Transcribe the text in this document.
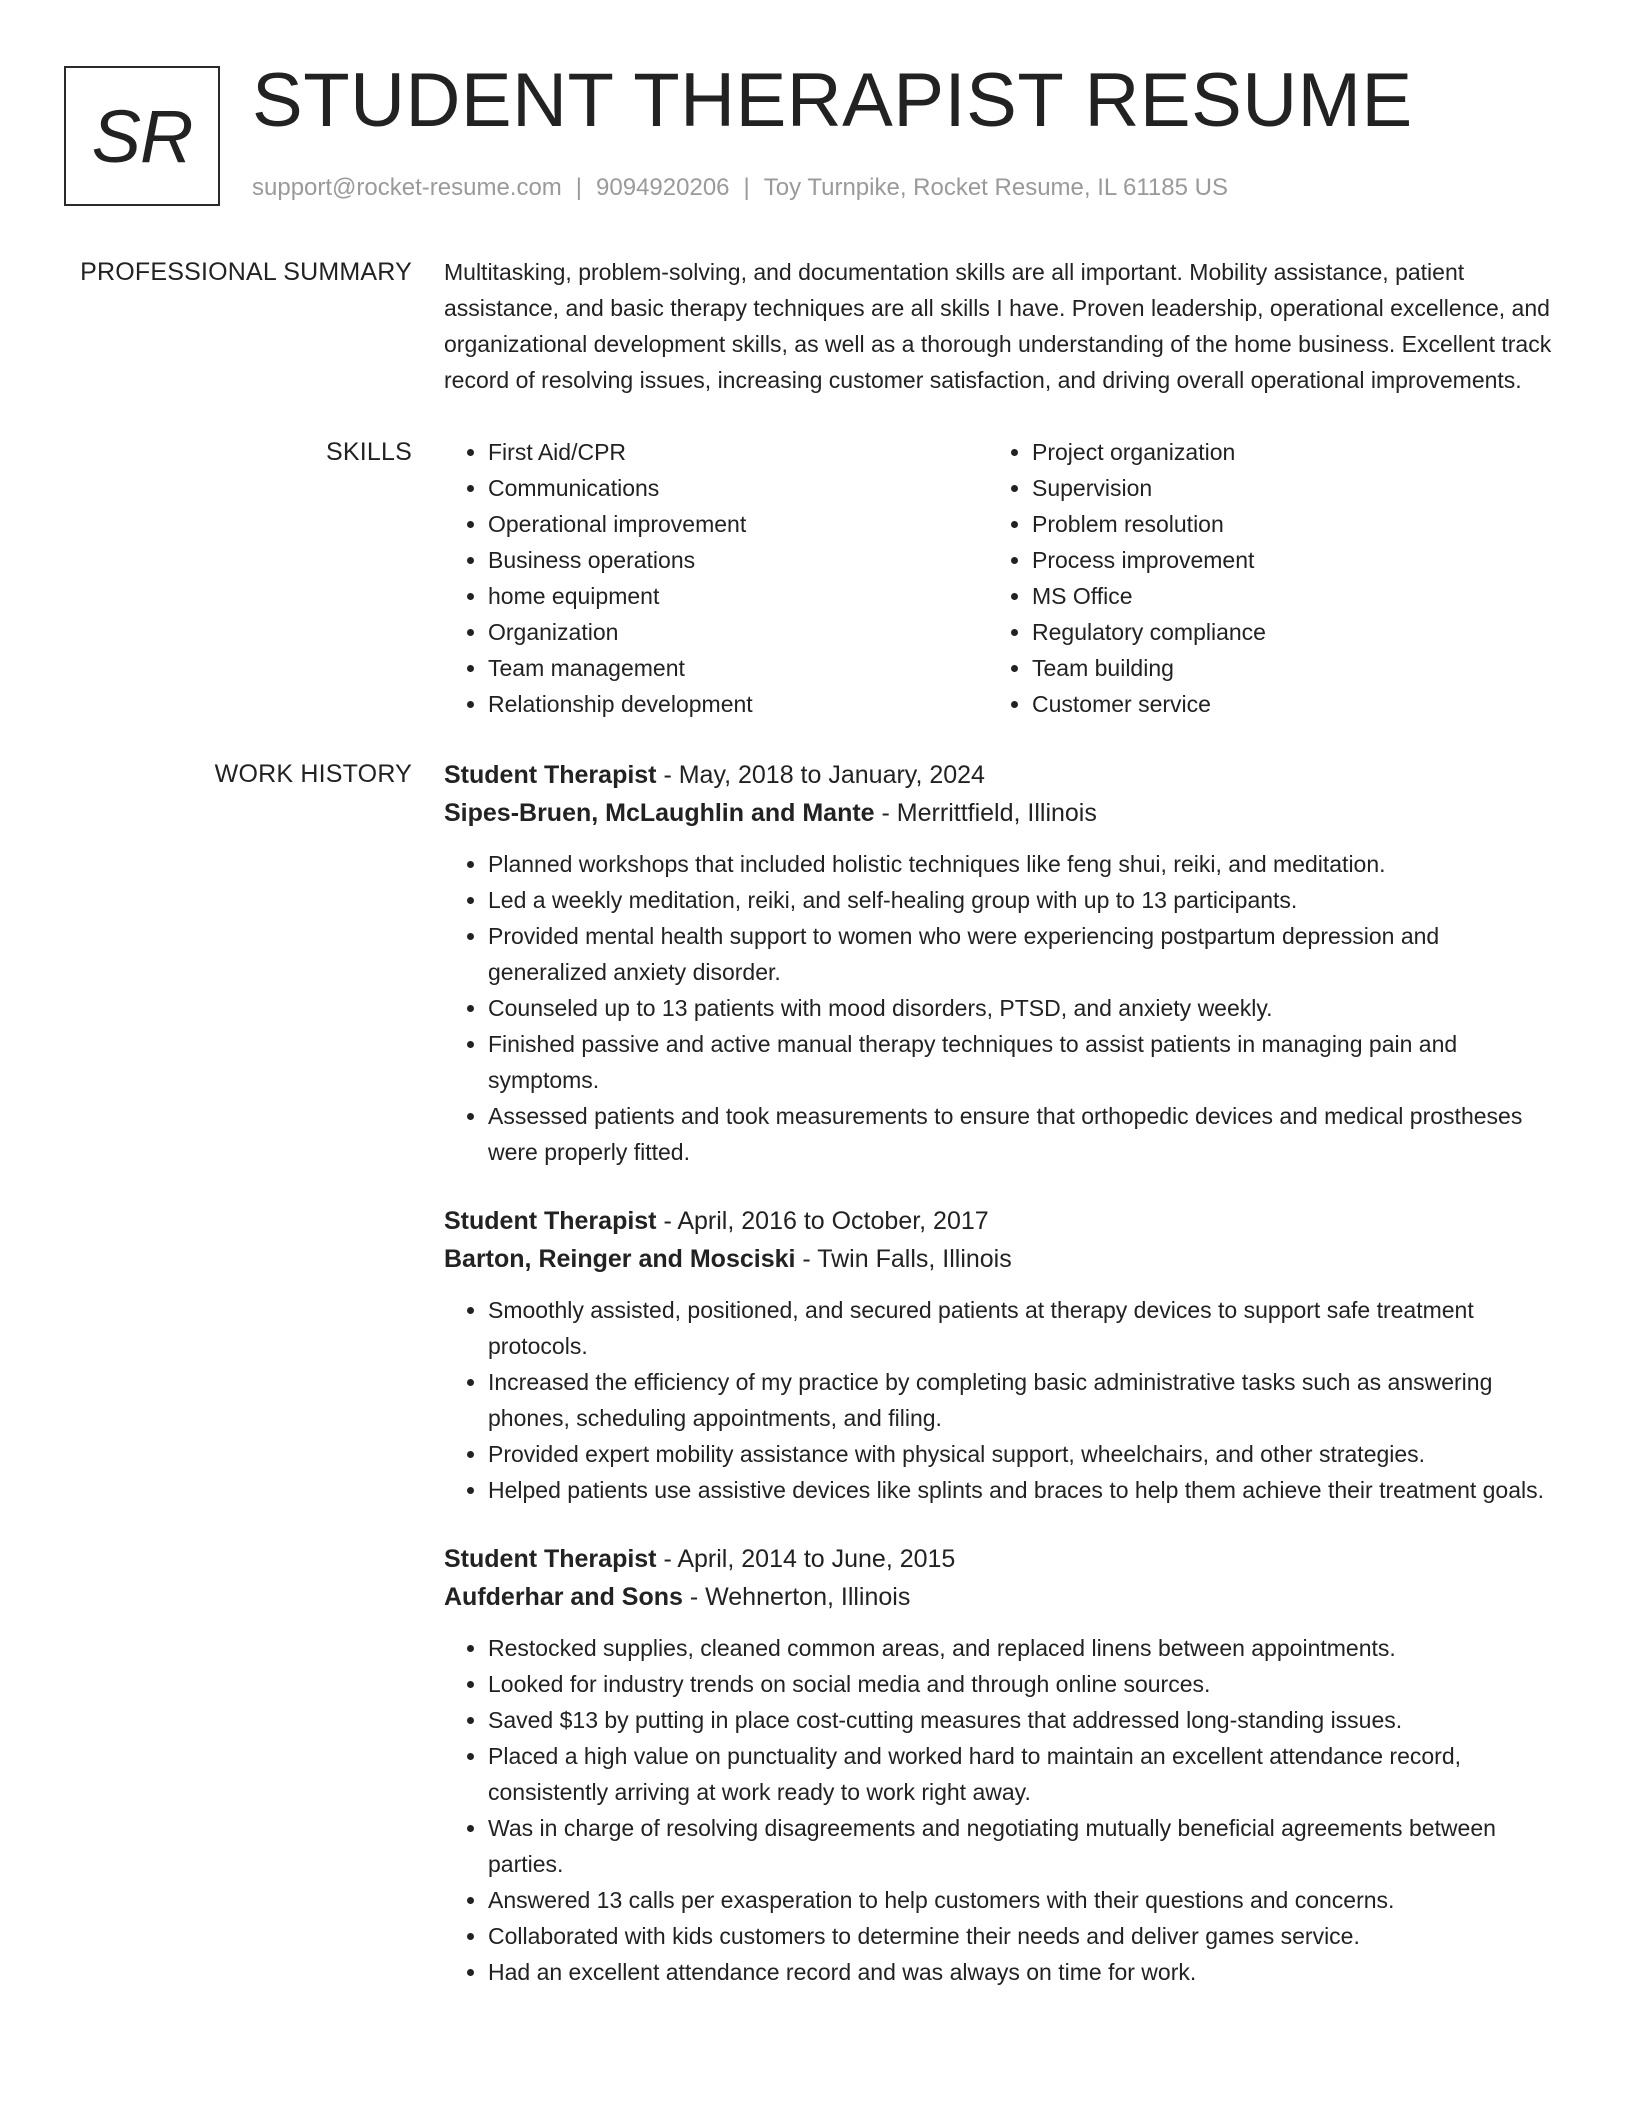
SR STUDENT THERAPIST RESUME
support@rocket-resume.com | 9094920206 | Toy Turnpike, Rocket Resume, IL 61185 US
PROFESSIONAL SUMMARY Multitasking, problem-solving, and documentation skills are all important. Mobility assistance, patient assistance, and basic therapy techniques are all skills I have. Proven leadership, operational excellence, and organizational development skills, as well as a thorough understanding of the home business. Excellent track record of resolving issues, increasing customer satisfaction, and driving overall operational improvements.

SKILLS
•	First Aid/CPR
• Communications
• Operational improvement
• Business operations
• home equipment
• Organization
• Team management
• Relationship development
• Project organization
• Supervision
• Problem resolution
• Process improvement
• MS Office
• Regulatory compliance
• Team building
• Customer service
WORK HISTORY Student Therapist - May, 2018 to January, 2024
Sipes-Bruen, McLaughlin and Mante - Merrittfield, Illinois
• Planned workshops that included holistic techniques like feng shui, reiki, and meditation.
• Led a weekly meditation, reiki, and self-healing group with up to 13 participants.
• Provided mental health support to women who were experiencing postpartum depression and generalized anxiety disorder.
• Counseled up to 13 patients with mood disorders, PTSD, and anxiety weekly.
• Finished passive and active manual therapy techniques to assist patients in managing pain and symptoms.
• Assessed patients and took measurements to ensure that orthopedic devices and medical prostheses were properly fitted.
Student Therapist - April, 2016 to October, 2017
Barton, Reinger and Mosciski - Twin Falls, Illinois
• Smoothly assisted, positioned, and secured patients at therapy devices to support safe treatment protocols.
• Increased the efficiency of my practice by completing basic administrative tasks such as answering phones, scheduling appointments, and filing.
• Provided expert mobility assistance with physical support, wheelchairs, and other strategies.
• Helped patients use assistive devices like splints and braces to help them achieve their treatment goals.
Student Therapist - April, 2014 to June, 2015
Aufderhar and Sons - Wehnerton, Illinois
• Restocked supplies, cleaned common areas, and replaced linens between appointments.
• Looked for industry trends on social media and through online sources.
• Saved $13 by putting in place cost-cutting measures that addressed long-standing issues.
• Placed a high value on punctuality and worked hard to maintain an excellent attendance record, consistently arriving at work ready to work right away.
• Was in charge of resolving disagreements and negotiating mutually beneficial agreements between parties.
• Answered 13 calls per exasperation to help customers with their questions and concerns.
• Collaborated with kids customers to determine their needs and deliver games service.
• Had an excellent attendance record and was always on time for work.
